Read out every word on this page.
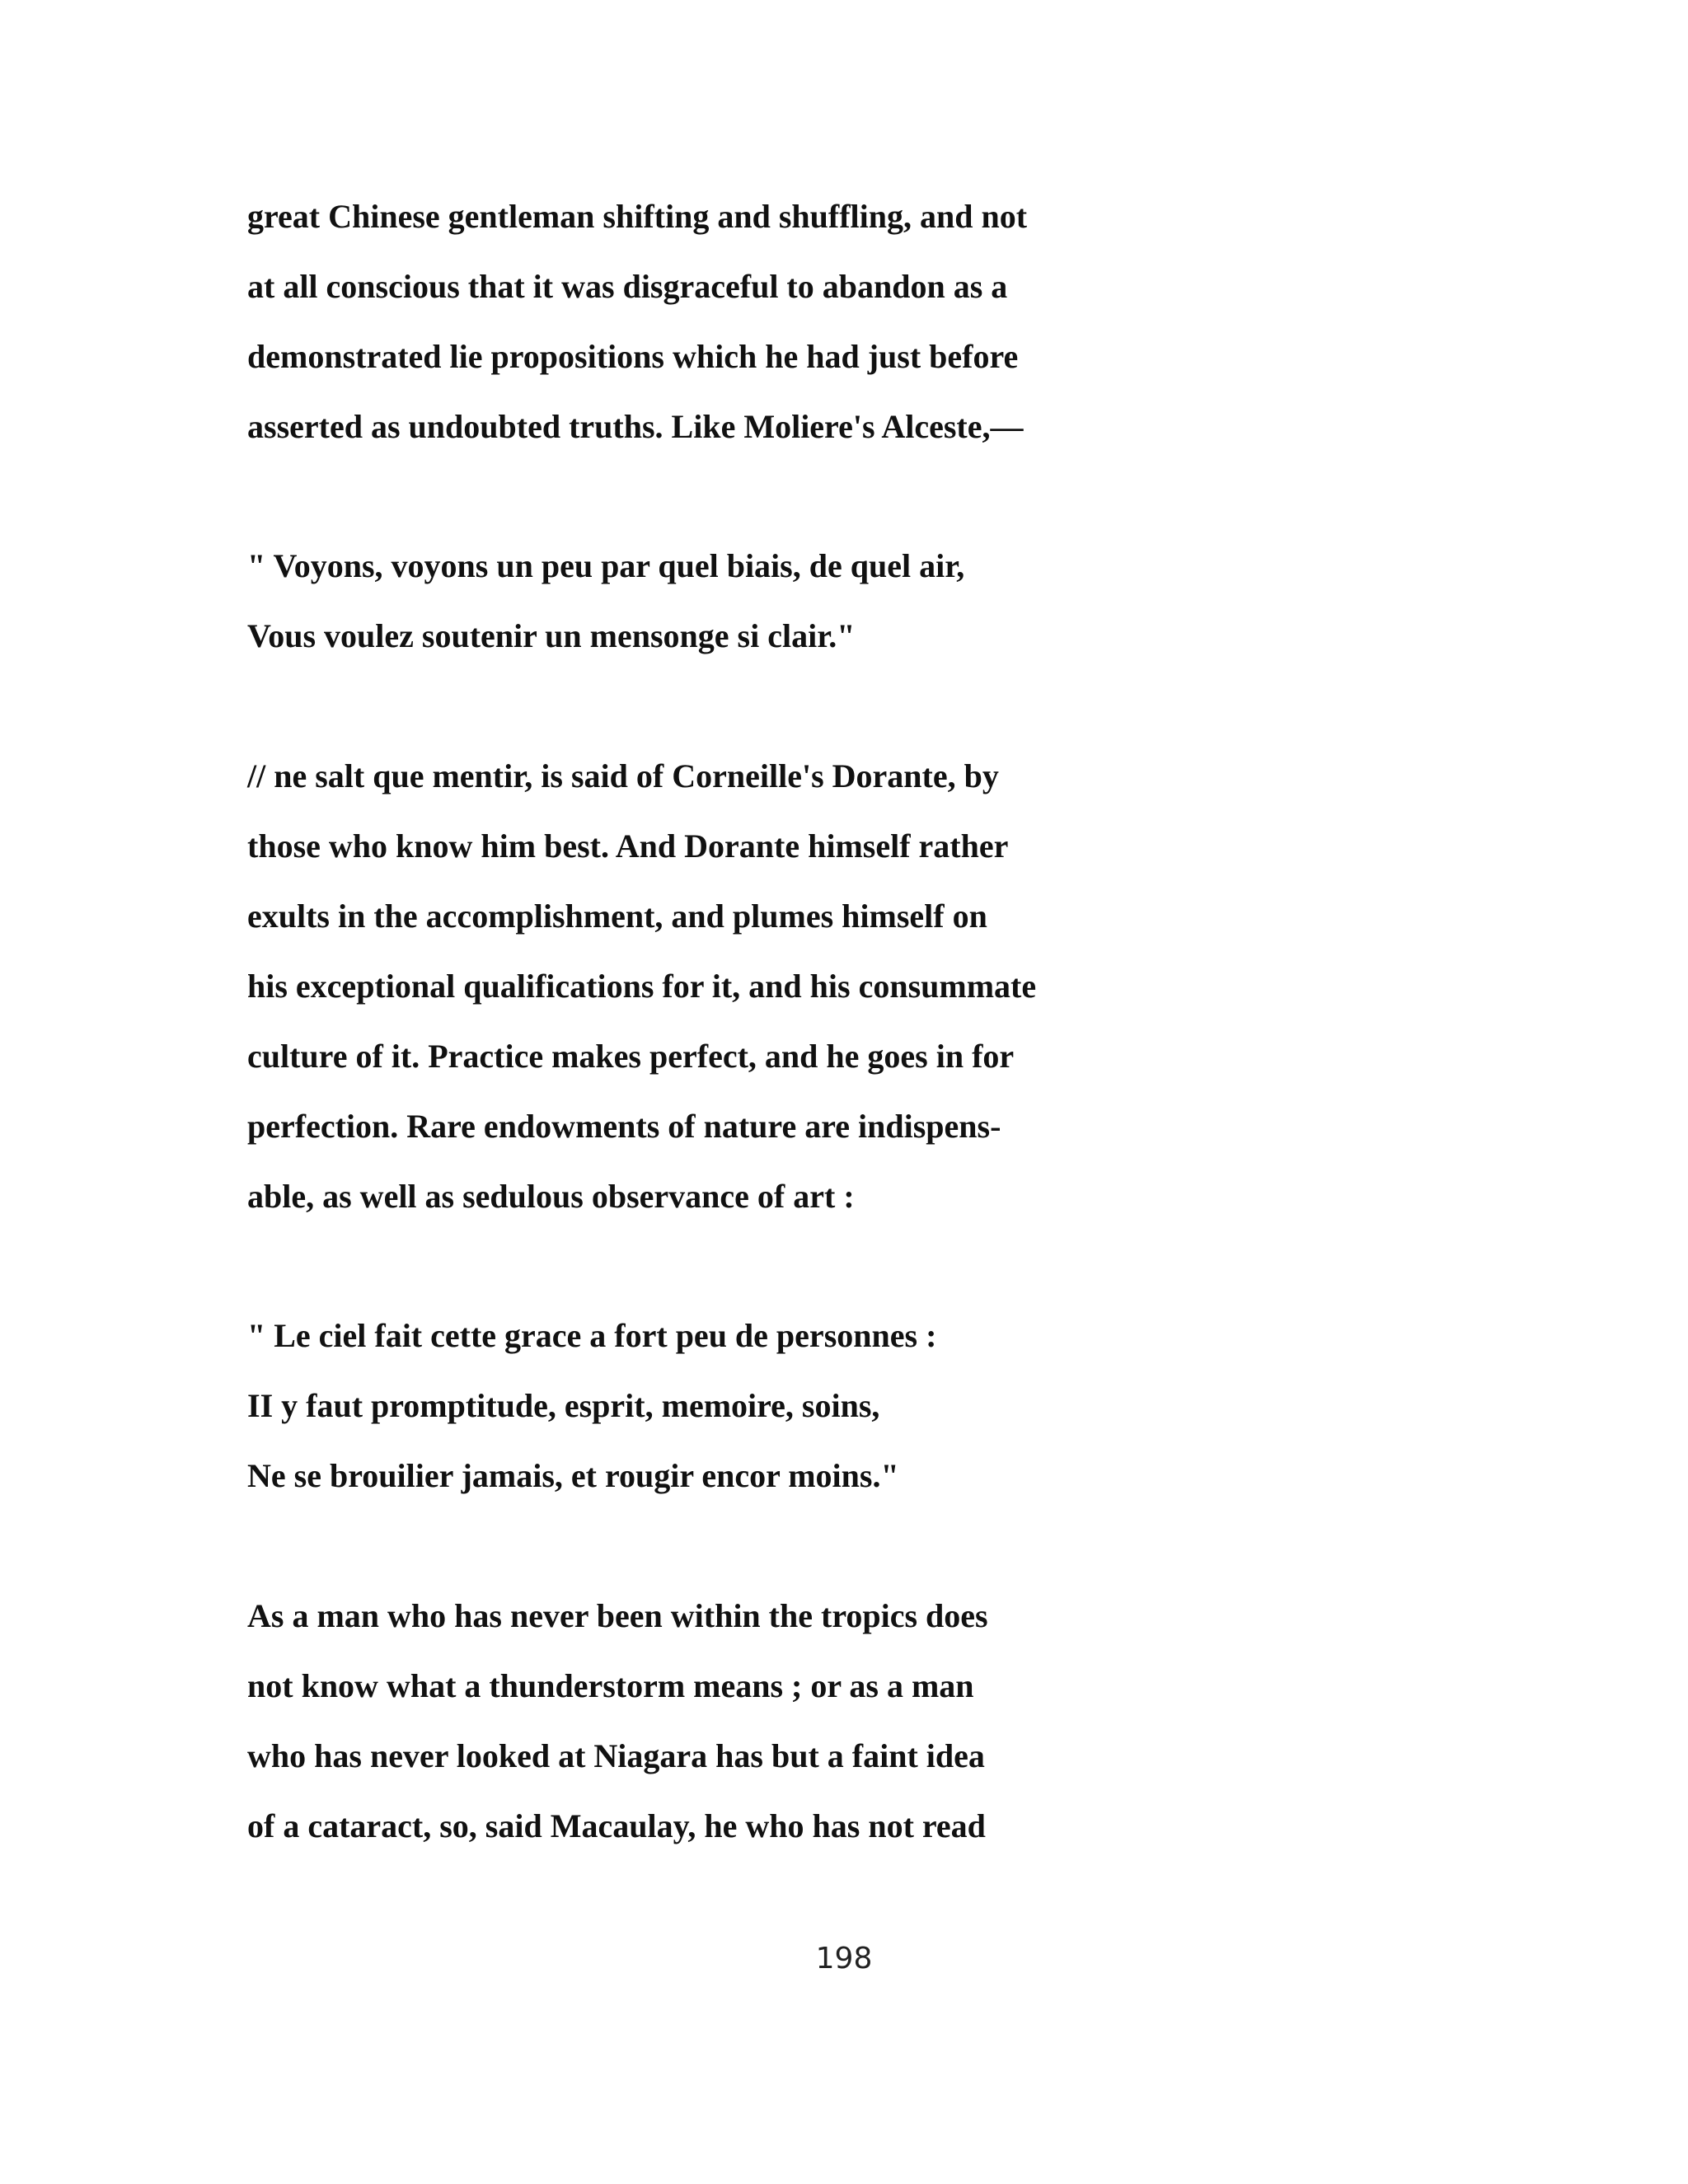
great Chinese gentleman shifting and shuffling, and not

at all conscious that it was disgraceful to abandon as a

demonstrated lie propositions which he had just before

asserted as undoubted truths. Like Moliere's Alceste,—

" Voyons, voyons un peu par quel biais, de quel air,

Vous voulez soutenir un mensonge si clair."

// ne salt que mentir, is said of Corneille's Dorante, by

those who know him best. And Dorante himself rather

exults in the accomplishment, and plumes himself on

his exceptional qualifications for it, and his consummate

culture of it. Practice makes perfect, and he goes in for

perfection. Rare endowments of nature are indispens-

able, as well as sedulous observance of art :

" Le ciel fait cette grace a fort peu de personnes :

II y faut promptitude, esprit, memoire, soins,

Ne se brouilier jamais, et rougir encor moins."

As a man who has never been within the tropics does

not know what a thunderstorm means ; or as a man

who has never looked at Niagara has but a faint idea

of a cataract, so, said Macaulay, he who has not read

198
